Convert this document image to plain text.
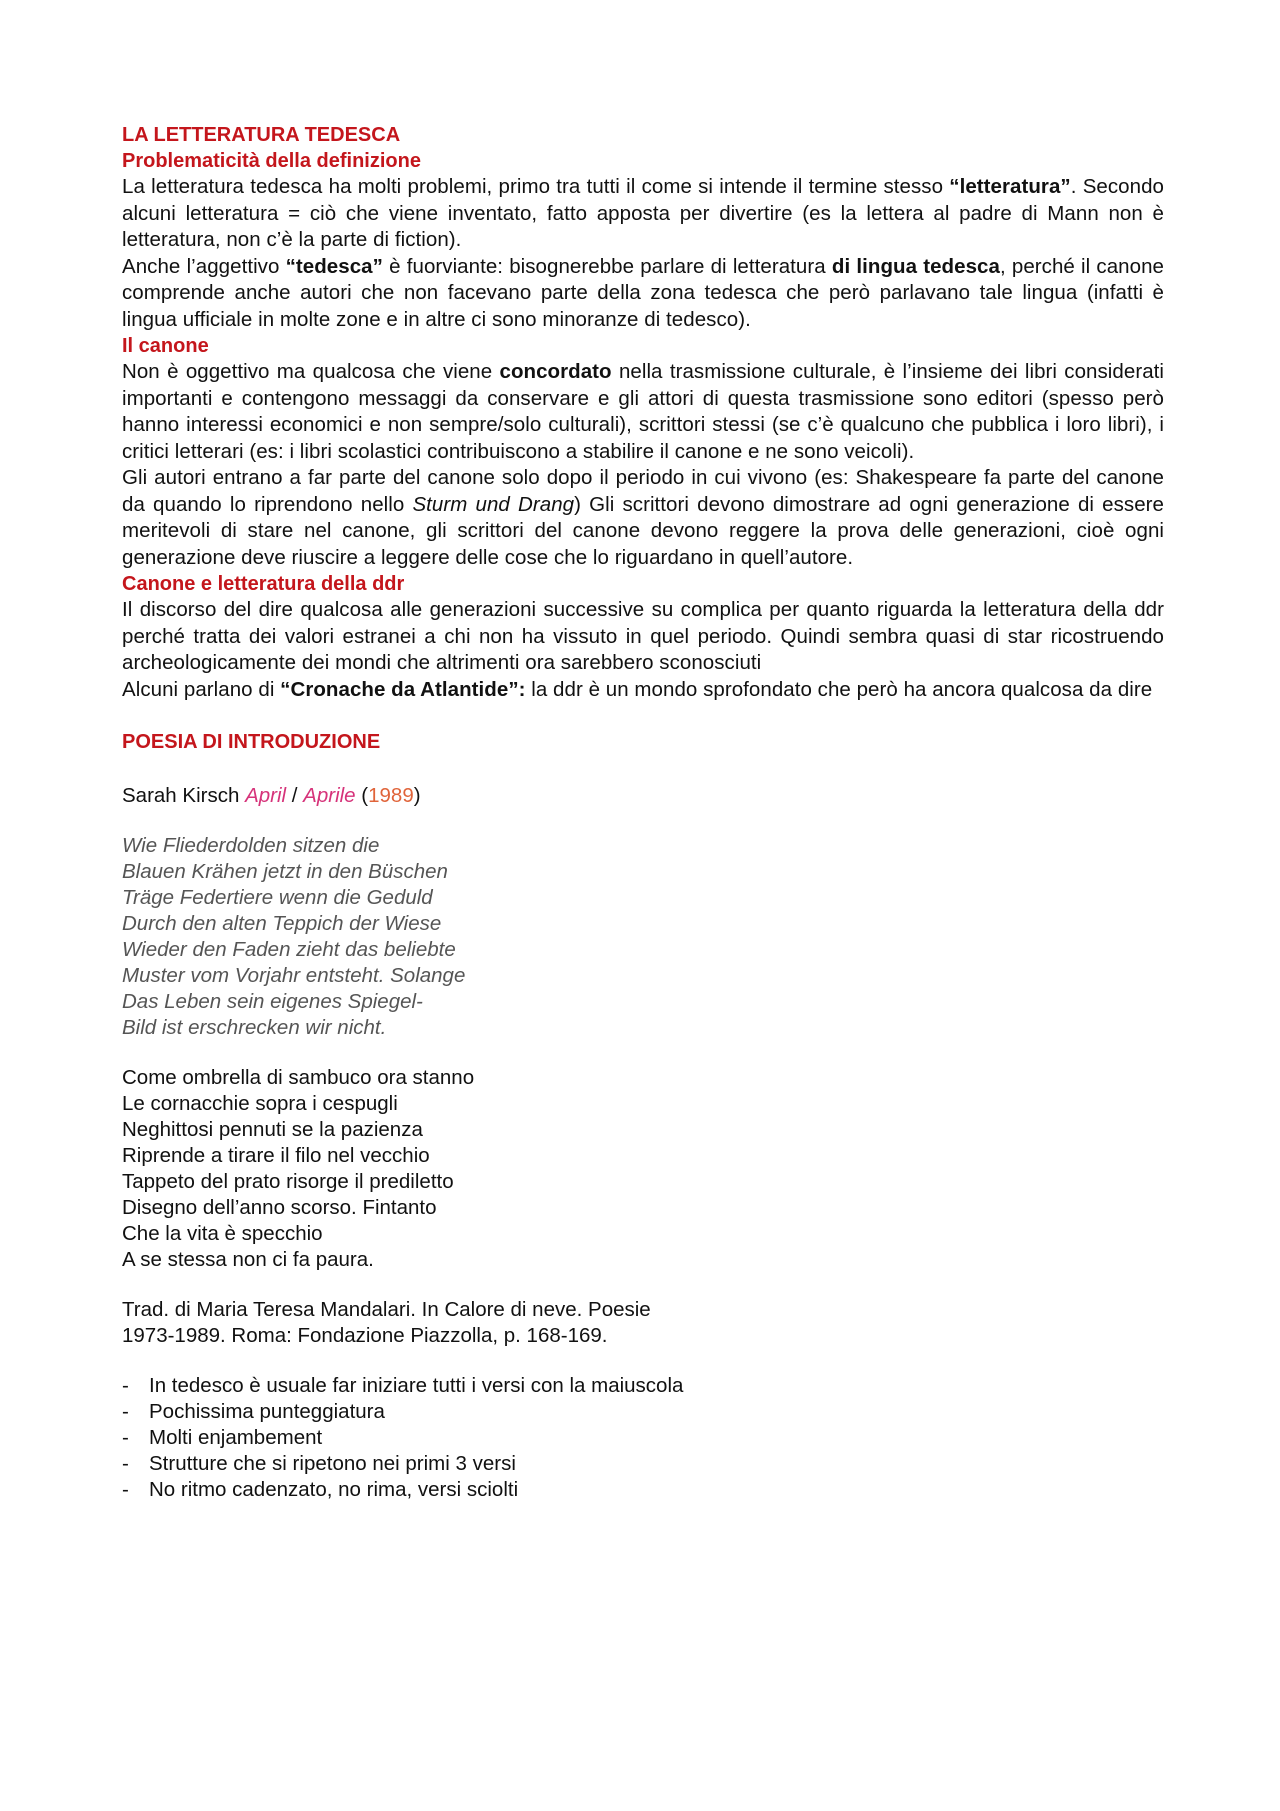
LA LETTERATURA TEDESCA
Problematicità della definizione

La letteratura tedesca ha molti problemi, primo tra tutti il come si intende il termine stesso “letteratura”. Secondo alcuni letteratura = ciò che viene inventato, fatto apposta per divertire (es la lettera al padre di Mann non è letteratura, non c’è la parte di fiction).

Anche l’aggettivo “tedesca” è fuorviante: bisognerebbe parlare di letteratura di lingua tedesca, perché il canone comprende anche autori che non facevano parte della zona tedesca che però parlavano tale lingua (infatti è lingua ufficiale in molte zone e in altre ci sono minoranze di tedesco).

Il canone

Non è oggettivo ma qualcosa che viene concordato nella trasmissione culturale, è l’insieme dei libri considerati importanti e contengono messaggi da conservare e gli attori di questa trasmissione sono editori (spesso però hanno interessi economici e non sempre/solo culturali), scrittori stessi (se c’è qualcuno che pubblica i loro libri), i critici letterari (es: i libri scolastici contribuiscono a stabilire il canone e ne sono veicoli).

Gli autori entrano a far parte del canone solo dopo il periodo in cui vivono (es: Shakespeare fa parte del canone da quando lo riprendono nello Sturm und Drang) Gli scrittori devono dimostrare ad ogni generazione di essere meritevoli di stare nel canone, gli scrittori del canone devono reggere la prova delle generazioni, cioè ogni generazione deve riuscire a leggere delle cose che lo riguardano in quell’autore.

Canone e letteratura della ddr

Il discorso del dire qualcosa alle generazioni successive su complica per quanto riguarda la letteratura della ddr perché tratta dei valori estranei a chi non ha vissuto in quel periodo. Quindi sembra quasi di star ricostruendo archeologicamente dei mondi che altrimenti ora sarebbero sconosciuti

Alcuni parlano di “Cronache da Atlantide”: la ddr è un mondo sprofondato che però ha ancora qualcosa da dire

POESIA DI INTRODUZIONE

Sarah Kirsch April / Aprile (1989)

Wie Fliederdolden sitzen die
Blauen Krähen jetzt in den Büschen
Träge Federtiere wenn die Geduld
Durch den alten Teppich der Wiese
Wieder den Faden zieht das beliebte
Muster vom Vorjahr entsteht. Solange
Das Leben sein eigenes Spiegel-
Bild ist erschrecken wir nicht.
Come ombrella di sambuco ora stanno
Le cornacchie sopra i cespugli
Neghittosi pennuti se la pazienza
Riprende a tirare il filo nel vecchio
Tappeto del prato risorge il prediletto
Disegno dell’anno scorso. Fintanto
Che la vita è specchio
A se stessa non ci fa paura.

Trad. di Maria Teresa Mandalari. In Calore di neve. Poesie
1973-1989. Roma: Fondazione Piazzolla, p. 168-169.

- In tedesco è usuale far iniziare tutti i versi con la maiuscola
- Pochissima punteggiatura
- Molti enjambement
- Strutture che si ripetono nei primi 3 versi
- No ritmo cadenzato, no rima, versi sciolti
